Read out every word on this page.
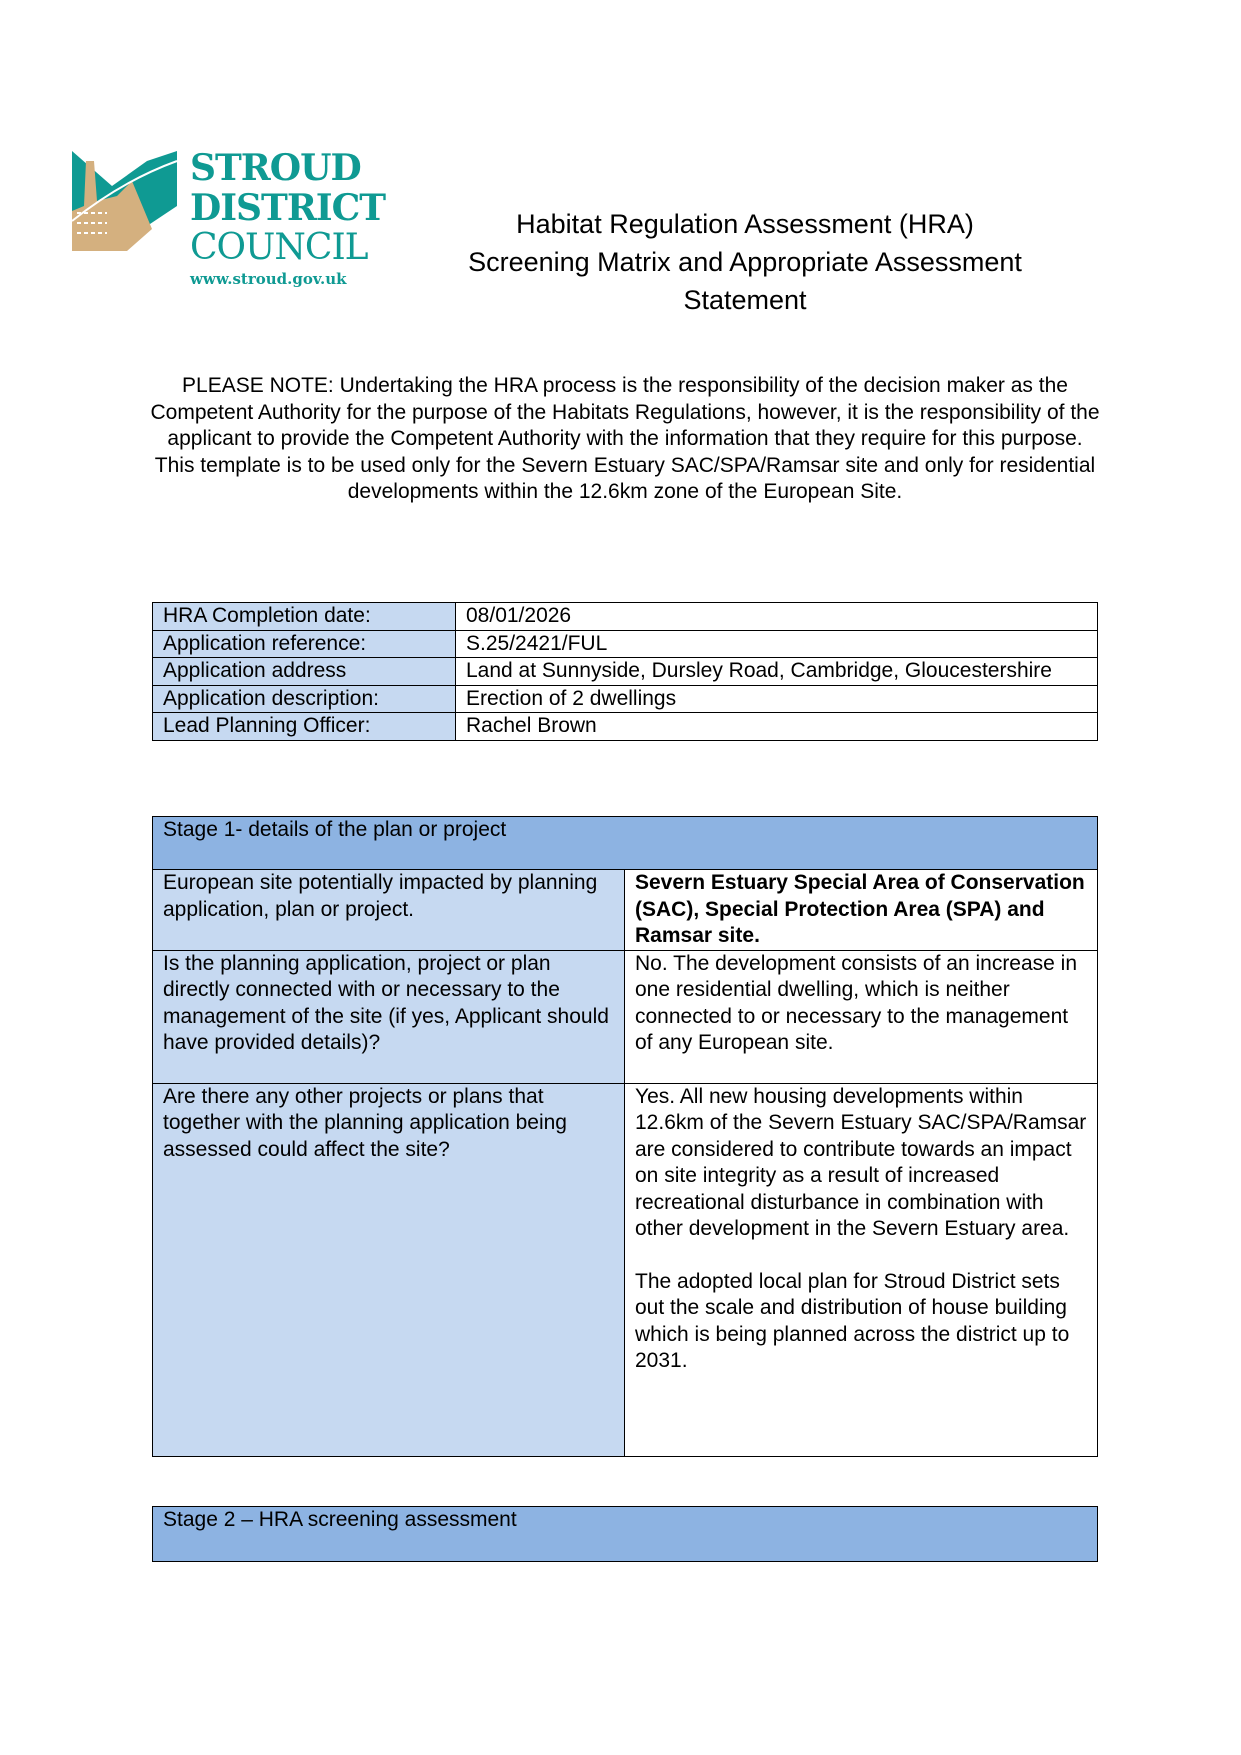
STROUD
DISTRICT
COUNCIL
www.stroud.gov.uk
Habitat Regulation Assessment (HRA)
Screening Matrix and Appropriate Assessment
Statement
PLEASE NOTE: Undertaking the HRA process is the responsibility of the decision maker as the Competent Authority for the purpose of the Habitats Regulations, however, it is the responsibility of the applicant to provide the Competent Authority with the information that they require for this purpose. This template is to be used only for the Severn Estuary SAC/SPA/Ramsar site and only for residential developments within the 12.6km zone of the European Site.
HRA Completion date:	08/01/2026
Application reference:	S.25/2421/FUL
Application address	Land at Sunnyside, Dursley Road, Cambridge, Gloucestershire
Application description:	Erection of 2 dwellings
Lead Planning Officer:	Rachel Brown
Stage 1- details of the plan or project	
European site potentially impacted by planning application, plan or project.	Severn Estuary Special Area of Conservation (SAC), Special Protection Area (SPA) and Ramsar site.
Is the planning application, project or plan directly connected with or necessary to the management of the site (if yes, Applicant should have provided details)?	No. The development consists of an increase in one residential dwelling, which is neither connected to or necessary to the management of any European site.
Are there any other projects or plans that together with the planning application being assessed could affect the site?	Yes. All new housing developments within 12.6km of the Severn Estuary SAC/SPA/Ramsar are considered to contribute towards an impact on site integrity as a result of increased recreational disturbance in combination with other development in the Severn Estuary area.
The adopted local plan for Stroud District sets out the scale and distribution of house building which is being planned across the district up to 2031.
Stage 2 – HRA screening assessment
